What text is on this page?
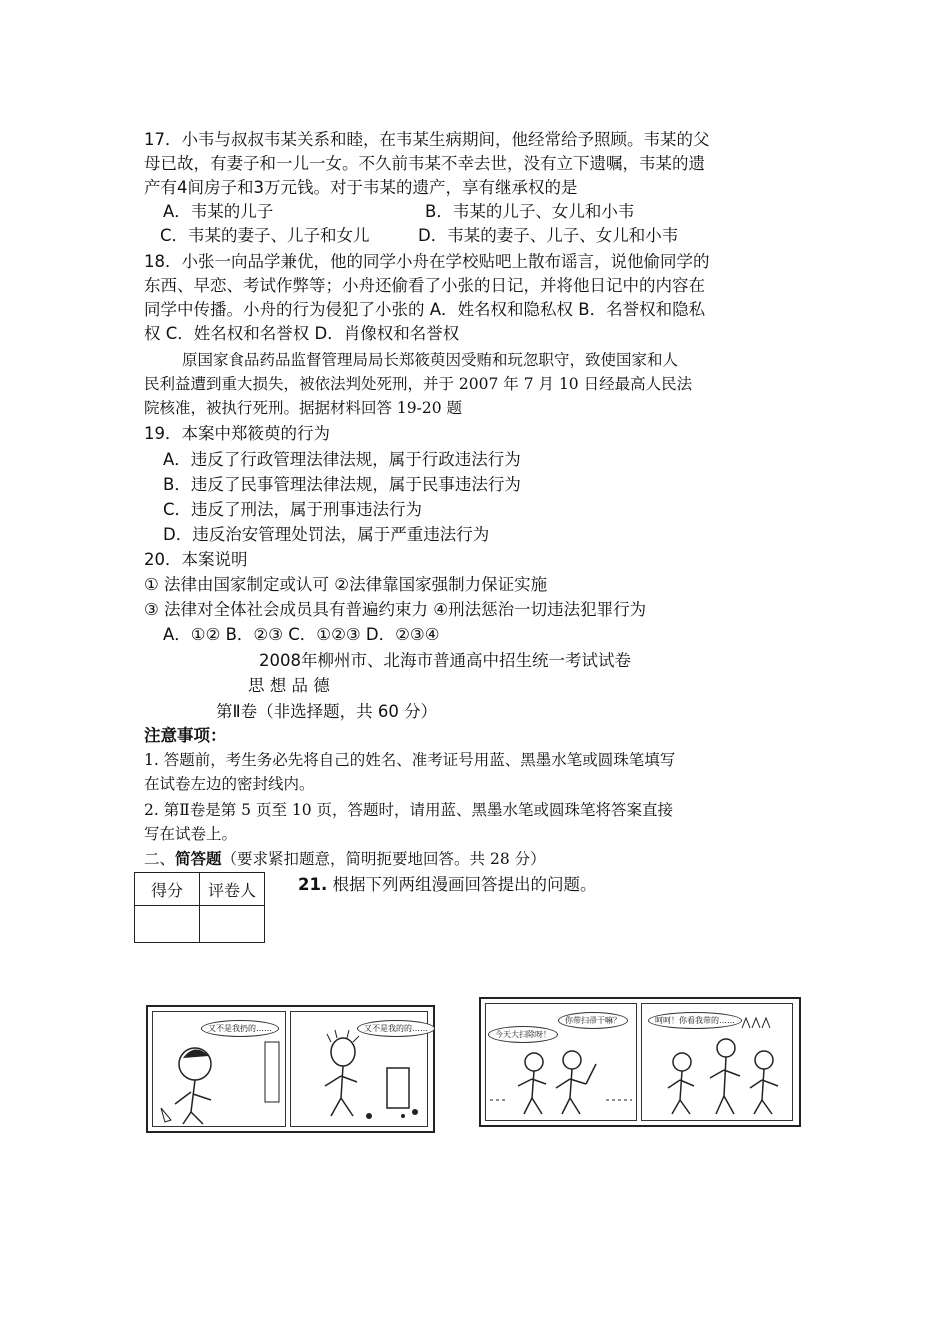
17．小韦与叔叔韦某关系和睦，在韦某生病期间，他经常给予照顾。韦某的父
母已故，有妻子和一儿一女。不久前韦某不幸去世，没有立下遗嘱，韦某的遗
产有4间房子和3万元钱。对于韦某的遗产，享有继承权的是
A．韦某的儿子	B．韦某的儿子、女儿和小韦
C．韦某的妻子、儿子和女儿	D．韦某的妻子、儿子、女儿和小韦
18．小张一向品学兼优，他的同学小舟在学校贴吧上散布谣言，说他偷同学的
东西、早恋、考试作弊等；小舟还偷看了小张的日记，并将他日记中的内容在
同学中传播。小舟的行为侵犯了小张的 A．姓名权和隐私权 B．名誉权和隐私
权 C．姓名权和名誉权 D．肖像权和名誉权
原国家食品药品监督管理局局长郑筱萸因受贿和玩忽职守，致使国家和人
民利益遭到重大损失，被依法判处死刑，并于 2007 年 7 月 10 日经最高人民法
院核准，被执行死刑。据据材料回答 19-20 题
19．本案中郑筱萸的行为
A．违反了行政管理法律法规，属于行政违法行为
B．违反了民事管理法律法规，属于民事违法行为
C．违反了刑法，属于刑事违法行为
D．违反治安管理处罚法，属于严重违法行为
20．本案说明
① 法律由国家制定或认可 ②法律靠国家强制力保证实施
③ 法律对全体社会成员具有普遍约束力 ④刑法惩治一切违法犯罪行为
A．①② B．②③ C．①②③ D．②③④
2008年柳州市、北海市普通高中招生统一考试试卷
思 想 品 德
第Ⅱ卷（非选择题，共 60 分）
注意事项：
1. 答题前，考生务必先将自己的姓名、准考证号用蓝、黑墨水笔或圆珠笔填写
在试卷左边的密封线内。
2. 第Ⅱ卷是第 5 页至 10 页，答题时，请用蓝、黑墨水笔或圆珠笔将答案直接
写在试卷上。
二、简答题（要求紧扣题意，简明扼要地回答。共 28 分）
得分	评卷人
		21. 根据下列两组漫画回答提出的问题。
又不是我扔的……	又不是我的的……
今天大扫除呀！
你带扫帚干嘛？	呵呵！你看我带的……
